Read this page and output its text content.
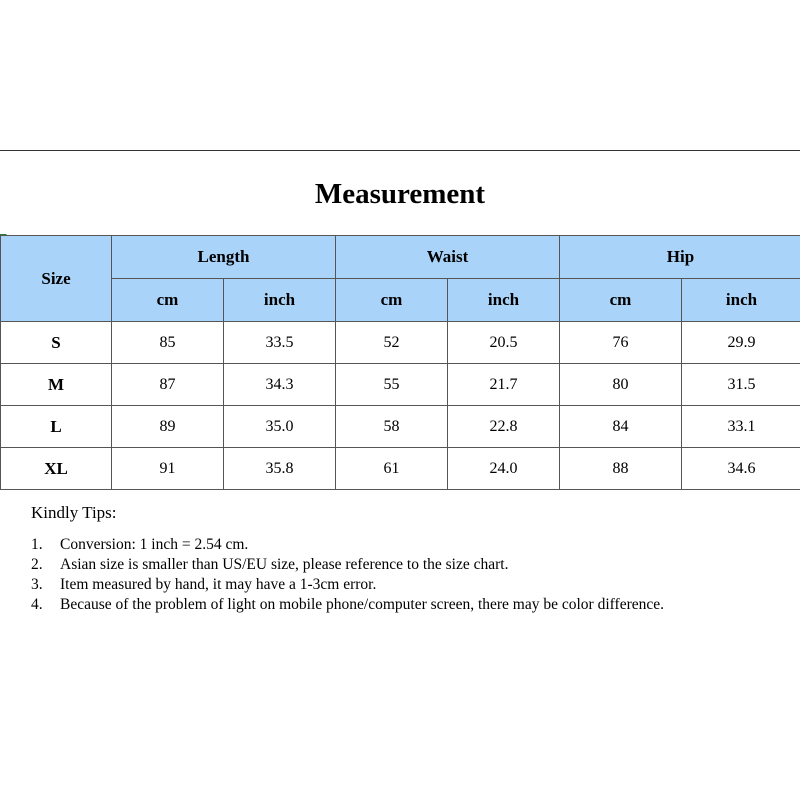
Measurement
Size	Length		Waist		Hip	
	cm	inch	cm	inch	cm	inch
S	85	33.5	52	20.5	76	29.9
M	87	34.3	55	21.7	80	31.5
L	89	35.0	58	22.8	84	33.1
XL	91	35.8	61	24.0	88	34.6
Kindly Tips:
1. Conversion: 1 inch = 2.54 cm.
2. Asian size is smaller than US/EU size, please reference to the size chart.
3. Item measured by hand, it may have a 1-3cm error.
4. Because of the problem of light on mobile phone/computer screen, there may be color difference.
